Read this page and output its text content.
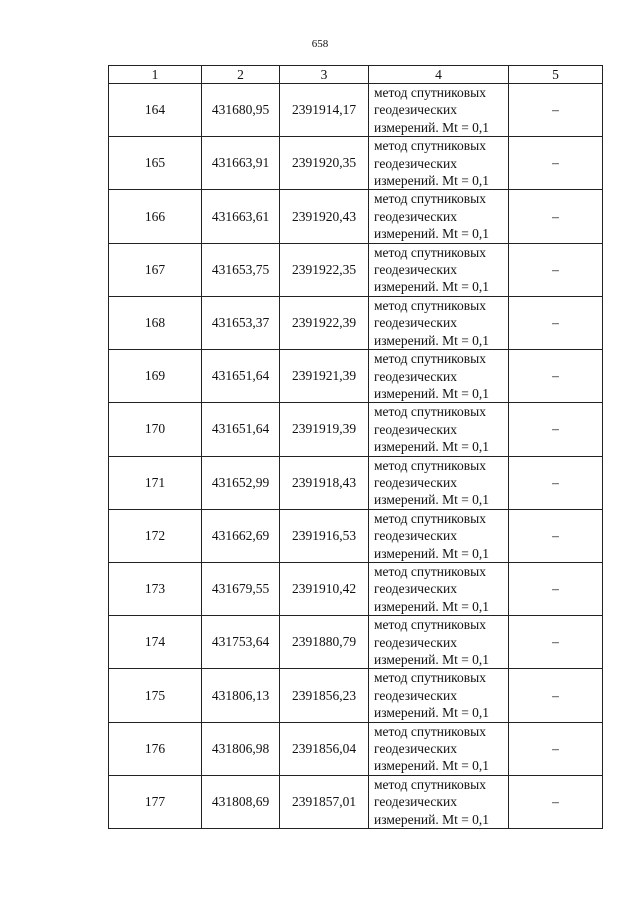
658
1	2	3	4	5
164	431680,95	2391914,17	метод спутниковых
геодезических
измерений. Mt = 0,1	–
165	431663,91	2391920,35	метод спутниковых
геодезических
измерений. Mt = 0,1	–
166	431663,61	2391920,43	метод спутниковых
геодезических
измерений. Mt = 0,1	–
167	431653,75	2391922,35	метод спутниковых
геодезических
измерений. Mt = 0,1	–
168	431653,37	2391922,39	метод спутниковых
геодезических
измерений. Mt = 0,1	–
169	431651,64	2391921,39	метод спутниковых
геодезических
измерений. Mt = 0,1	–
170	431651,64	2391919,39	метод спутниковых
геодезических
измерений. Mt = 0,1	–
171	431652,99	2391918,43	метод спутниковых
геодезических
измерений. Mt = 0,1	–
172	431662,69	2391916,53	метод спутниковых
геодезических
измерений. Mt = 0,1	–
173	431679,55	2391910,42	метод спутниковых
геодезических
измерений. Mt = 0,1	–
174	431753,64	2391880,79	метод спутниковых
геодезических
измерений. Mt = 0,1	–
175	431806,13	2391856,23	метод спутниковых
геодезических
измерений. Mt = 0,1	–
176	431806,98	2391856,04	метод спутниковых
геодезических
измерений. Mt = 0,1	–
177	431808,69	2391857,01	метод спутниковых
геодезических
измерений. Mt = 0,1	–
